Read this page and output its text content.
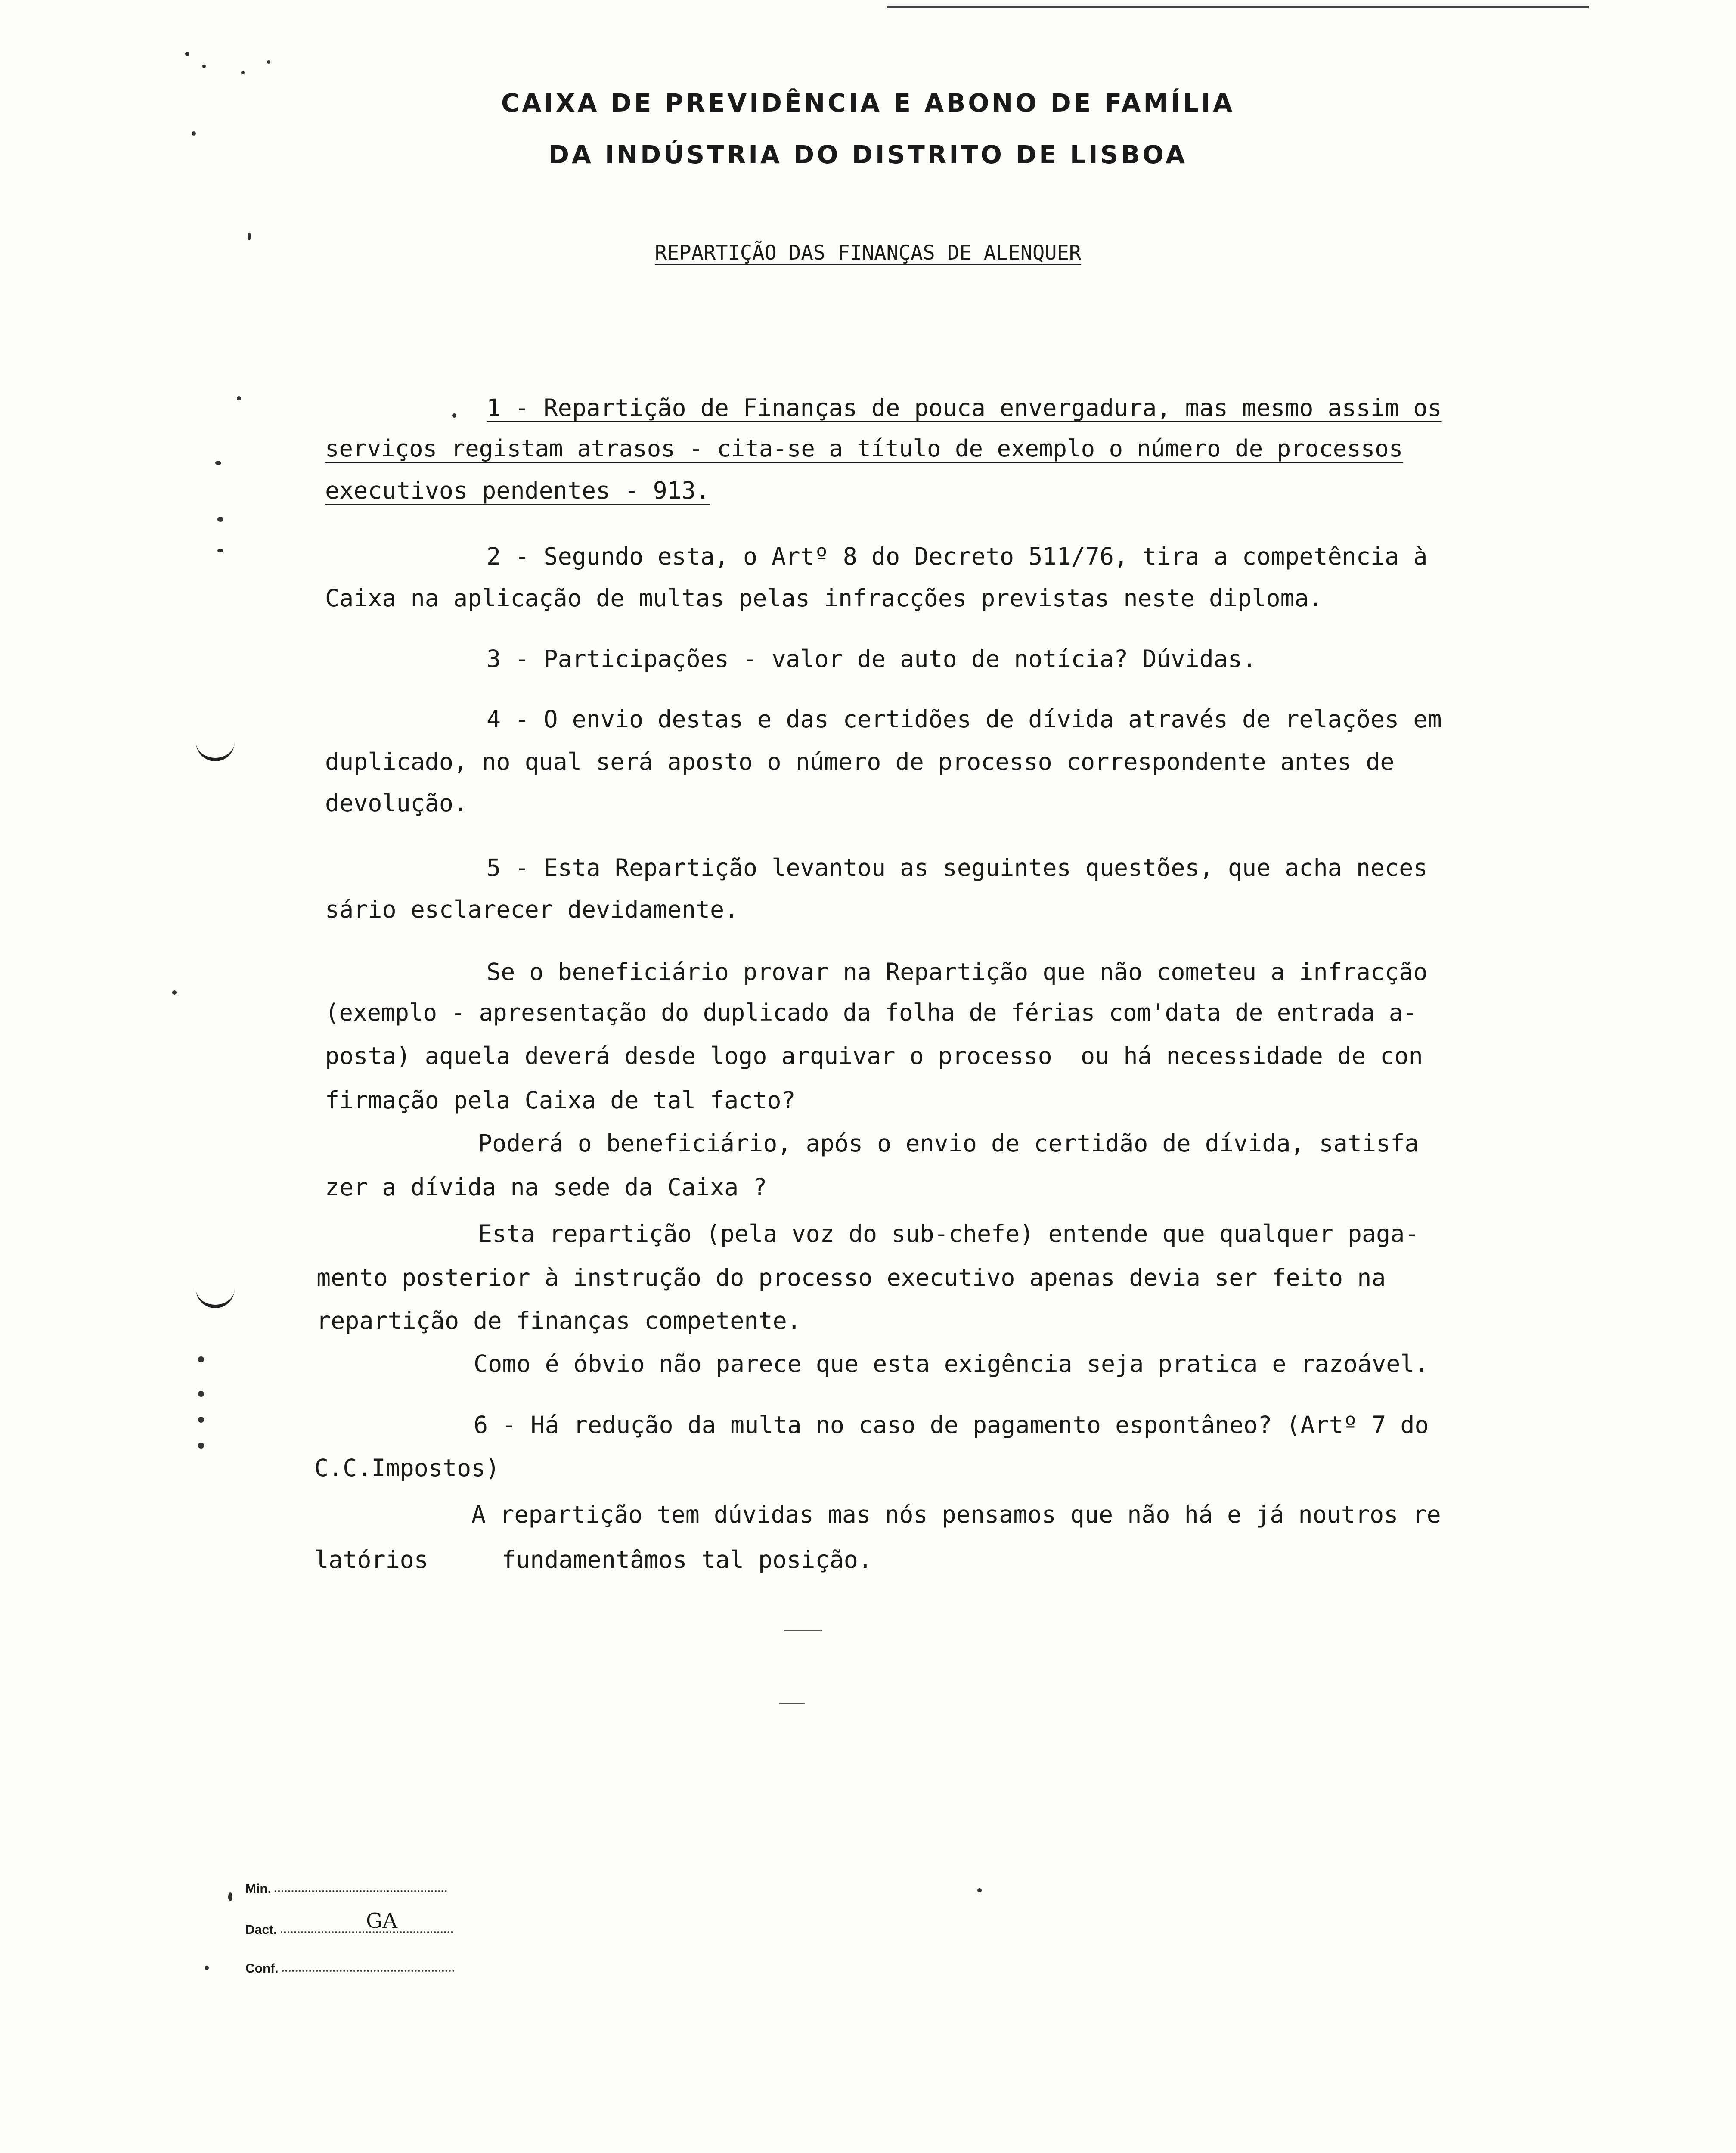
CAIXA DE PREVIDÊNCIA E ABONO DE FAMÍLIA
DA INDÚSTRIA DO DISTRITO DE LISBOA
REPARTIÇÃO DAS FINANÇAS DE ALENQUER
1 - Repartição de Finanças de pouca envergadura, mas mesmo assim os
serviços registam atrasos - cita-se a título de exemplo o número de processos
executivos pendentes - 913.
2 - Segundo esta, o Artº 8 do Decreto 511/76, tira a competência à
Caixa na aplicação de multas pelas infracções previstas neste diploma.
3 - Participações - valor de auto de notícia? Dúvidas.
4 - O envio destas e das certidões de dívida através de relações em
duplicado, no qual será aposto o número de processo correspondente antes de
devolução.
5 - Esta Repartição levantou as seguintes questões, que acha neces
sário esclarecer devidamente.
Se o beneficiário provar na Repartição que não cometeu a infracção
(exemplo - apresentação do duplicado da folha de férias com'data de entrada a-
posta) aquela deverá desde logo arquivar o processo  ou há necessidade de con
firmação pela Caixa de tal facto?
Poderá o beneficiário, após o envio de certidão de dívida, satisfa
zer a dívida na sede da Caixa ?
Esta repartição (pela voz do sub-chefe) entende que qualquer paga-
mento posterior à instrução do processo executivo apenas devia ser feito na
repartição de finanças competente.
Como é óbvio não parece que esta exigência seja pratica e razoável.
6 - Há redução da multa no caso de pagamento espontâneo? (Artº 7 do
C.C.Impostos)
A repartição tem dúvidas mas nós pensamos que não há e já noutros re
latórios	fundamentâmos tal posição.
Min.
Dact.	GA
Conf.
